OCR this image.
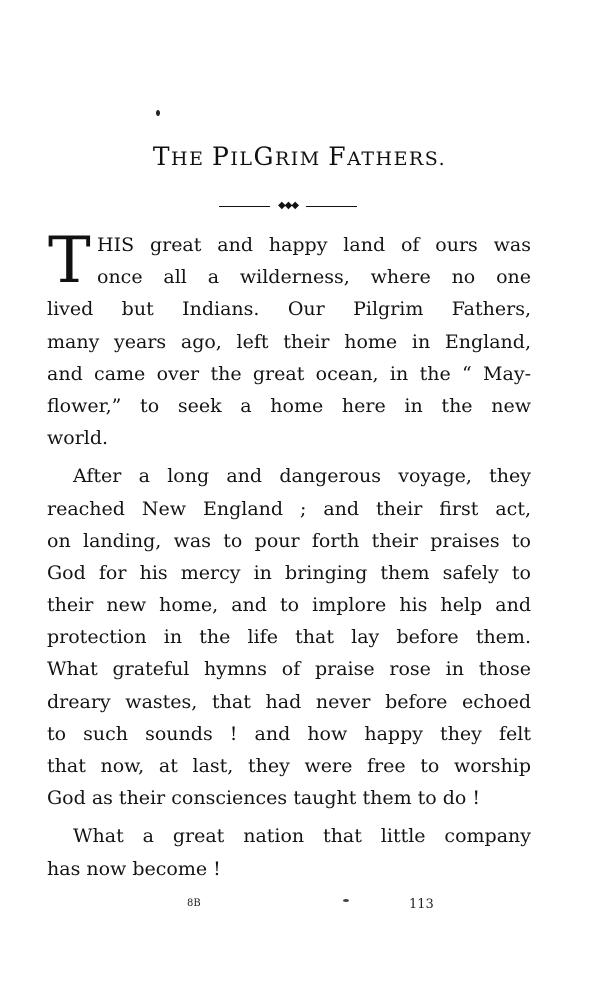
THE PILGRIM FATHERS.
◆◆◆
T HIS great and happy land of ours was
once all a wilderness, where no one
lived but Indians. Our Pilgrim Fathers,
many years ago, left their home in England,
and came over the great ocean, in the “ May-
flower,” to seek a home here in the new
world.
After a long and dangerous voyage, they
reached New England ; and their first act,
on landing, was to pour forth their praises to
God for his mercy in bringing them safely to
their new home, and to implore his help and
protection in the life that lay before them.
What grateful hymns of praise rose in those
dreary wastes, that had never before echoed
to such sounds ! and how happy they felt
that now, at last, they were free to worship
God as their consciences taught them to do !
What a great nation that little company
has now become !
8B	113
